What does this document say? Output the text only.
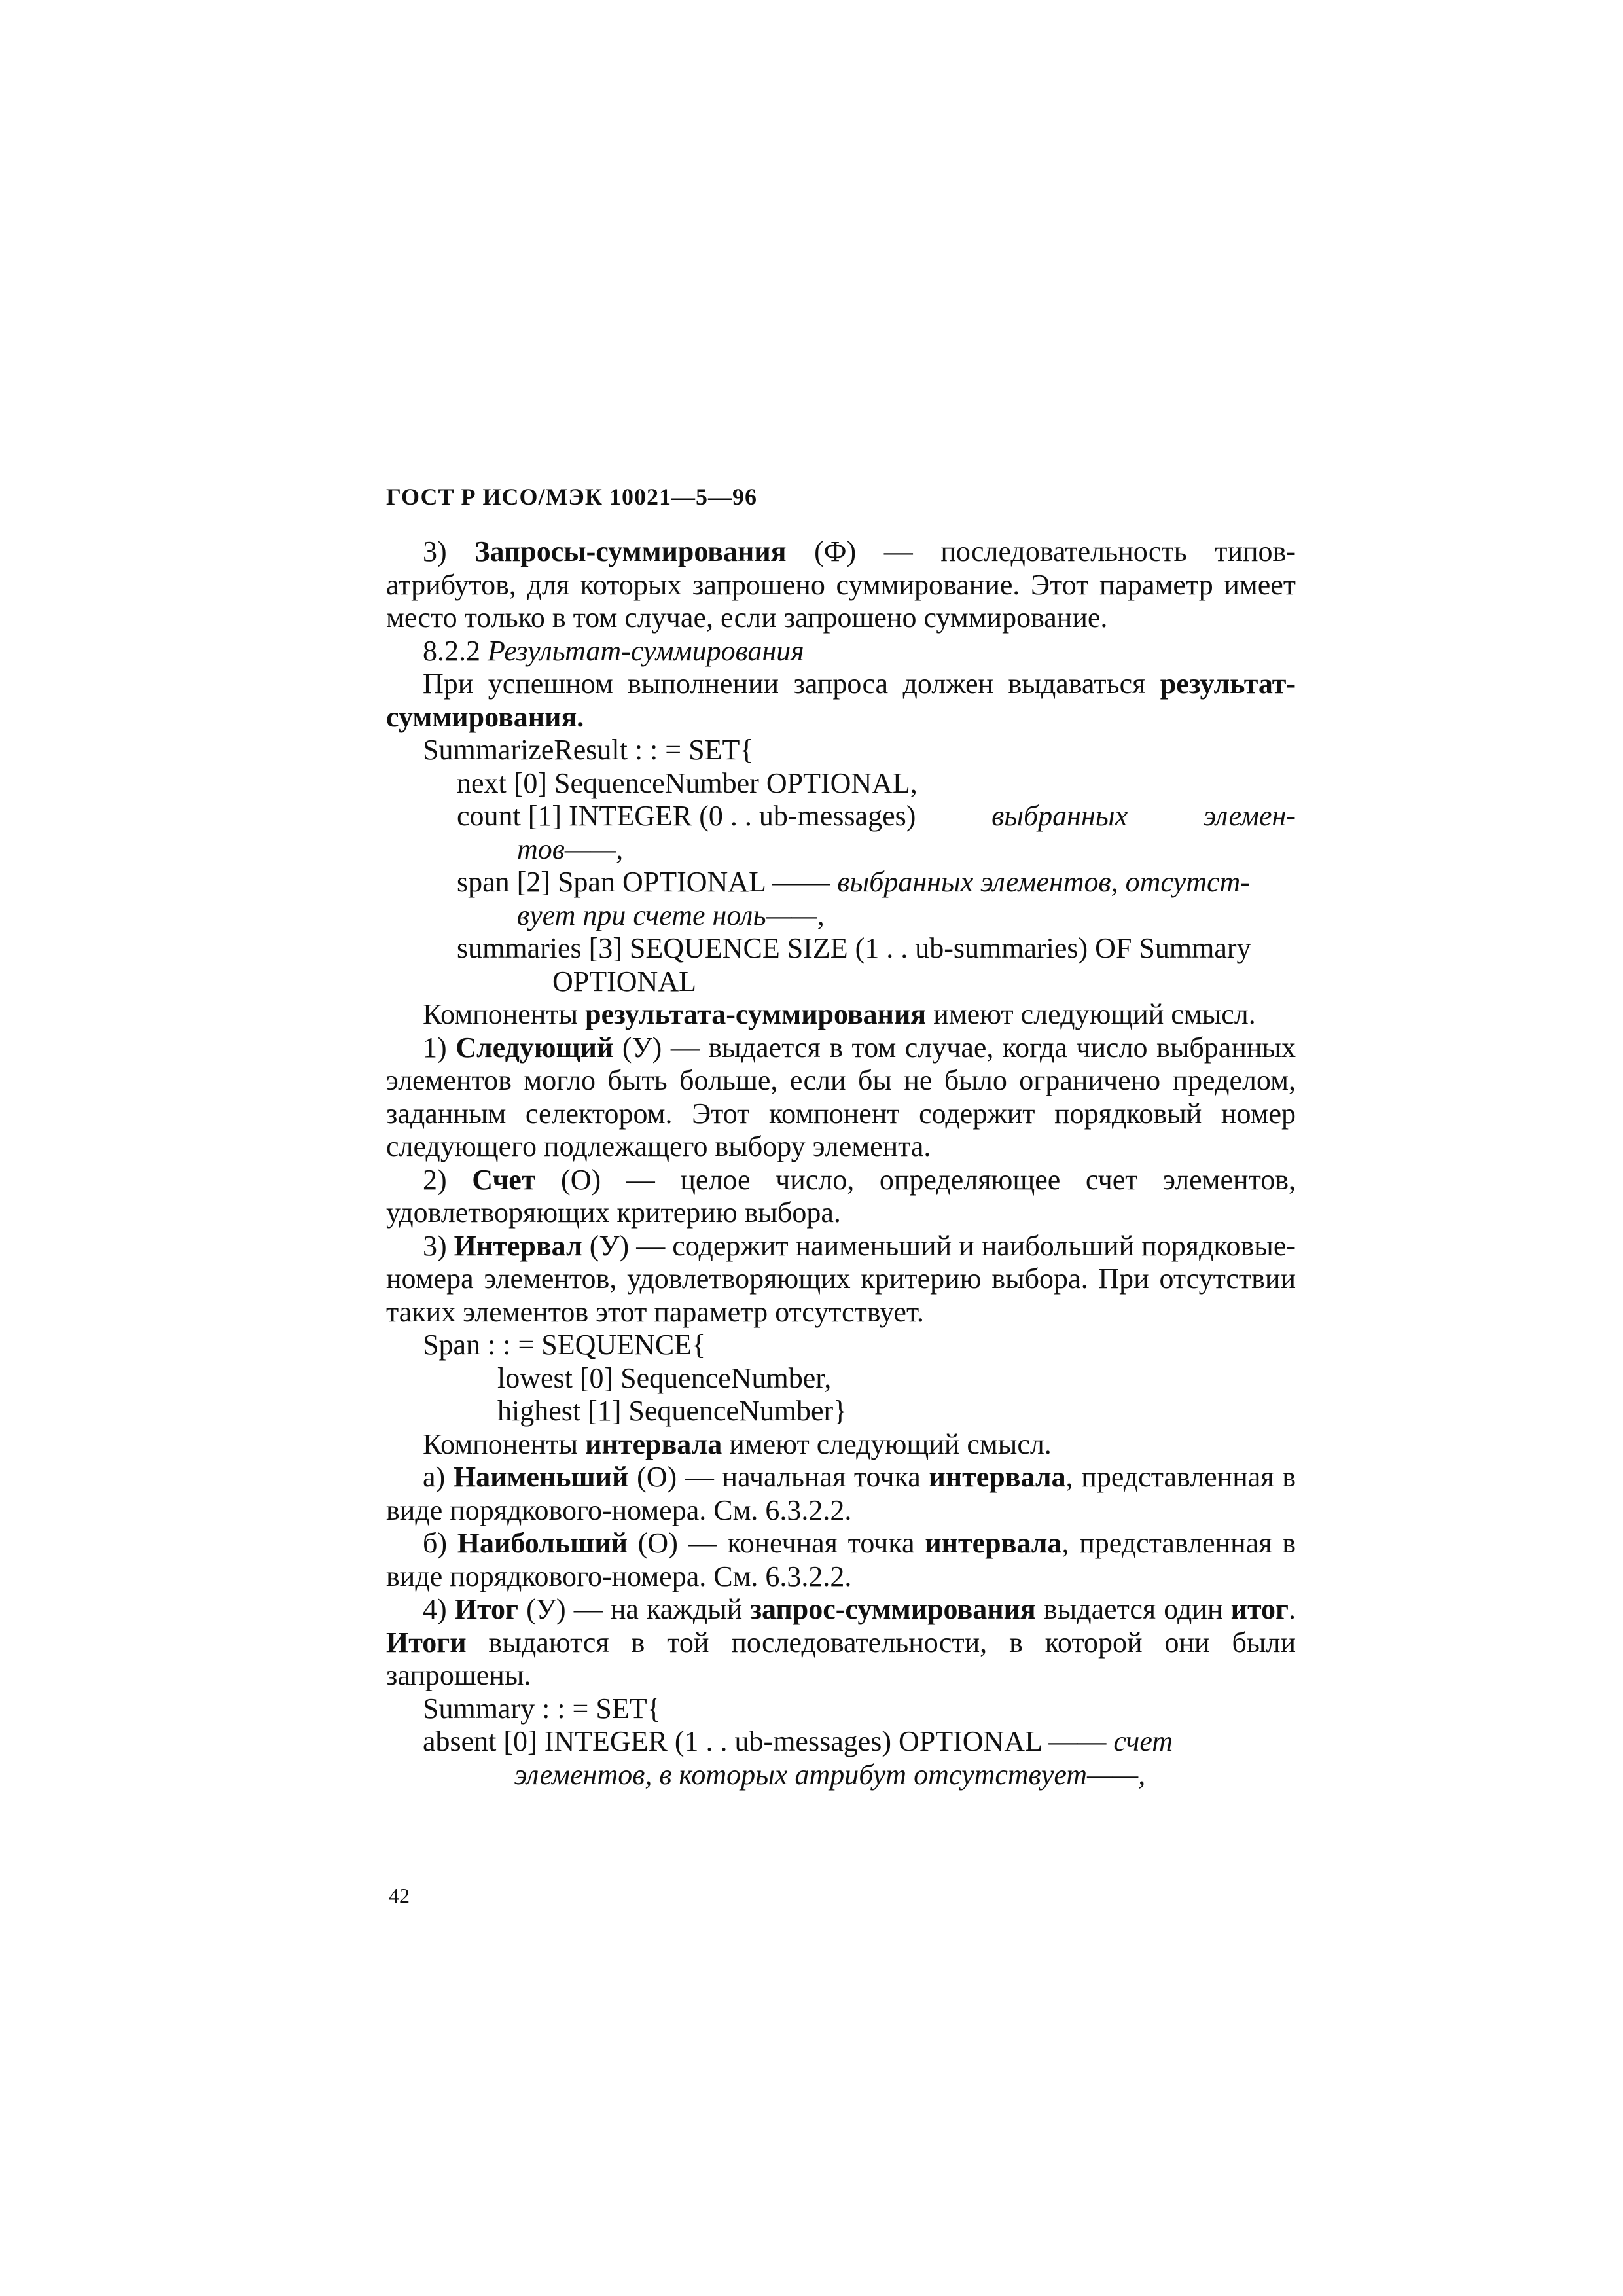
ГОСТ Р ИСО/МЭК 10021—5—96

3) Запросы-суммирования (Ф) — последовательность типов-атрибутов, для которых запрошено суммирование. Этот параметр имеет место только в том случае, если запрошено суммирование.

8.2.2 Результат-суммирования

При успешном выполнении запроса должен выдаваться результат-суммирования.

SummarizeResult : : = SET{
next [0] SequenceNumber OPTIONAL,
count [1] INTEGER (0 . . ub-messages)	выбранных	элемен-
тов——,
span [2] Span OPTIONAL —— выбранных элементов, отсутст-
вует при счете ноль——,
summaries [3] SEQUENCE SIZE (1 . . ub-summaries) OF Summary
OPTIONAL

Компоненты результата-суммирования имеют следующий смысл.

1) Следующий (У) — выдается в том случае, когда число выбранных элементов могло быть больше, если бы не было ограничено пределом, заданным селектором. Этот компонент содержит порядковый номер следующего подлежащего выбору элемента.

2) Счет (О) — целое число, определяющее счет элементов, удовлетворяющих критерию выбора.

3) Интервал (У) — содержит наименьший и наибольший порядковые-номера элементов, удовлетворяющих критерию выбора. При отсутствии таких элементов этот параметр отсутствует.

Span : : = SEQUENCE{
lowest [0] SequenceNumber,
highest [1] SequenceNumber}

Компоненты интервала имеют следующий смысл.

а) Наименьший (О) — начальная точка интервала, представленная в виде порядкового-номера. См. 6.3.2.2.

б) Наибольший (О) — конечная точка интервала, представленная в виде порядкового-номера. См. 6.3.2.2.

4) Итог (У) — на каждый запрос-суммирования выдается один итог. Итоги выдаются в той последовательности, в которой они были запрошены.

Summary : : = SET{
absent [0] INTEGER (1 . . ub-messages) OPTIONAL —— счет
элементов, в которых атрибут отсутствует——,
42
